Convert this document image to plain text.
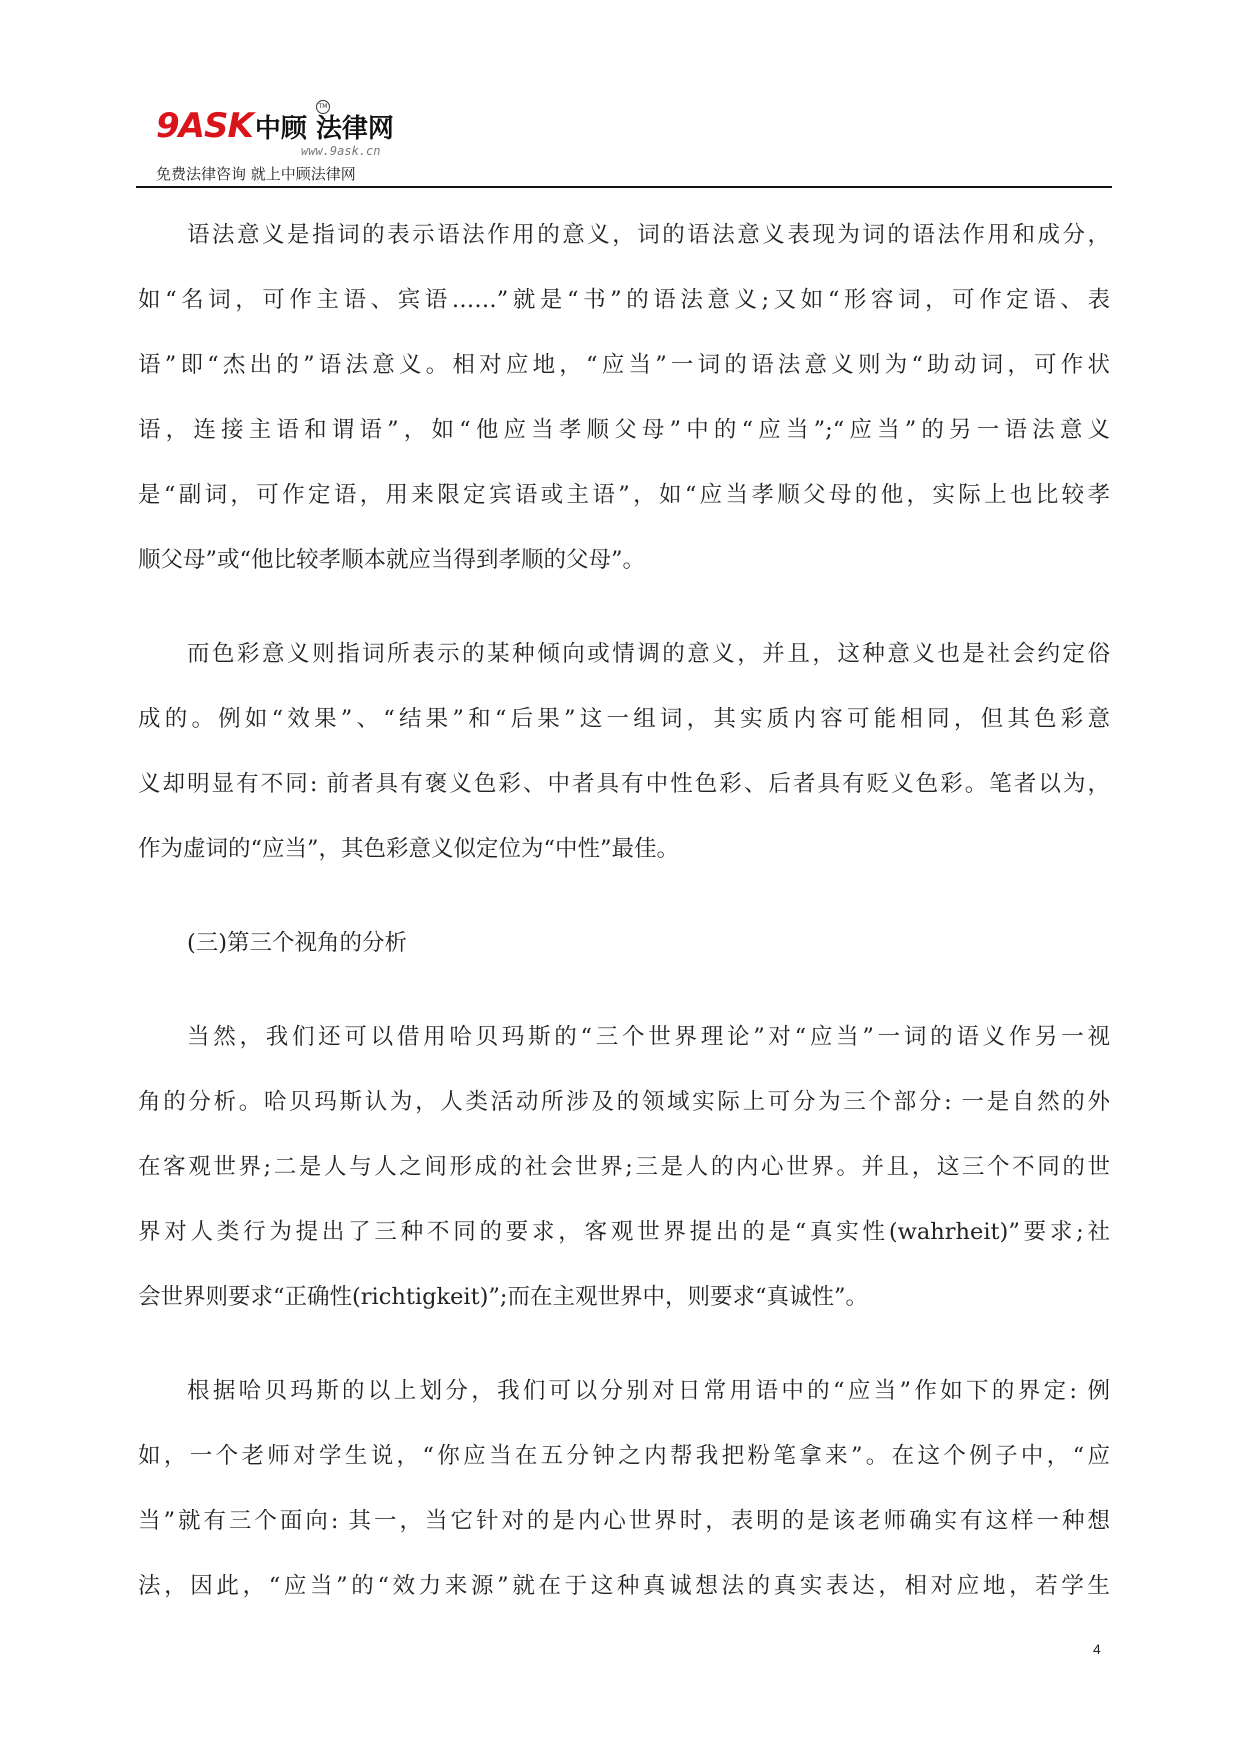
9ASK中顾 法律网
TM
www.9ask.cn
免费法律咨询 就上中顾法律网
语法意义是指词的表示语法作用的意义，词的语法意义表现为词的语法作用和成分，
如“名词，可作主语、宾语……”就是“书”的语法意义;又如“形容词，可作定语、表
语”即“杰出的”语法意义。相对应地，“应当”一词的语法意义则为“助动词，可作状
语，连接主语和谓语”，如“他应当孝顺父母”中的“应当”;“应当”的另一语法意义
是“副词，可作定语，用来限定宾语或主语”，如“应当孝顺父母的他，实际上也比较孝
顺父母”或“他比较孝顺本就应当得到孝顺的父母”。
而色彩意义则指词所表示的某种倾向或情调的意义，并且，这种意义也是社会约定俗
成的。例如“效果”、“结果”和“后果”这一组词，其实质内容可能相同，但其色彩意
义却明显有不同: 前者具有褒义色彩、中者具有中性色彩、后者具有贬义色彩。笔者以为，
作为虚词的“应当”，其色彩意义似定位为“中性”最佳。
(三)第三个视角的分析
当然，我们还可以借用哈贝玛斯的“三个世界理论”对“应当”一词的语义作另一视
角的分析。哈贝玛斯认为，人类活动所涉及的领域实际上可分为三个部分: 一是自然的外
在客观世界;二是人与人之间形成的社会世界;三是人的内心世界。并且，这三个不同的世
界对人类行为提出了三种不同的要求，客观世界提出的是“真实性(wahrheit)”要求;社
会世界则要求“正确性(richtigkeit)”;而在主观世界中，则要求“真诚性”。
根据哈贝玛斯的以上划分，我们可以分别对日常用语中的“应当”作如下的界定: 例
如，一个老师对学生说，“你应当在五分钟之内帮我把粉笔拿来”。在这个例子中，“应
当”就有三个面向: 其一，当它针对的是内心世界时，表明的是该老师确实有这样一种想
法，因此，“应当”的“效力来源”就在于这种真诚想法的真实表达，相对应地，若学生
4
